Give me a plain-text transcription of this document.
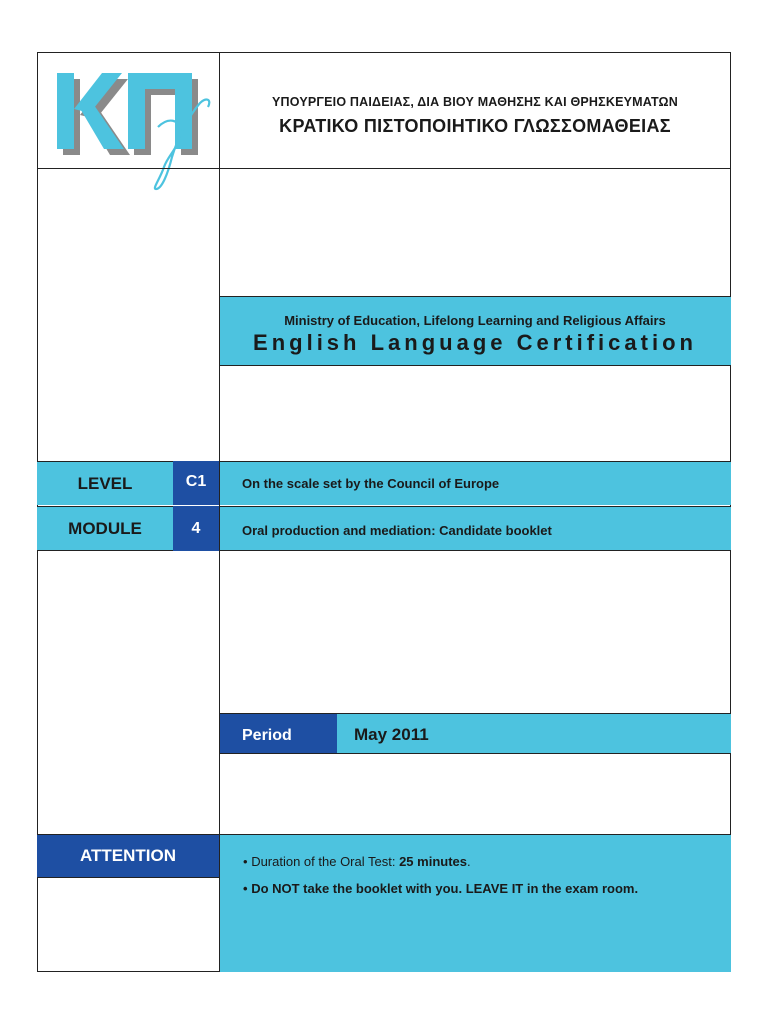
ΥΠΟΥΡΓΕΙΟ ΠΑΙΔΕΙΑΣ, ΔΙΑ ΒΙΟΥ ΜΑΘΗΣΗΣ ΚΑΙ ΘΡΗΣΚΕΥΜΑΤΩΝ
ΚΡΑΤΙΚΟ ΠΙΣΤΟΠΟΙΗΤΙΚΟ ΓΛΩΣΣΟΜΑΘΕΙΑΣ
Ministry of Education, Lifelong Learning and Religious Affairs
English Language Certification
LEVEL	C1	On the scale set by the Council of Europe
MODULE	4	Oral production and mediation: Candidate booklet
Period	May 2011
ATTENTION	• Duration of the Oral Test: 25 minutes.
• Do NOT take the booklet with you. LEAVE IT in the exam room.
